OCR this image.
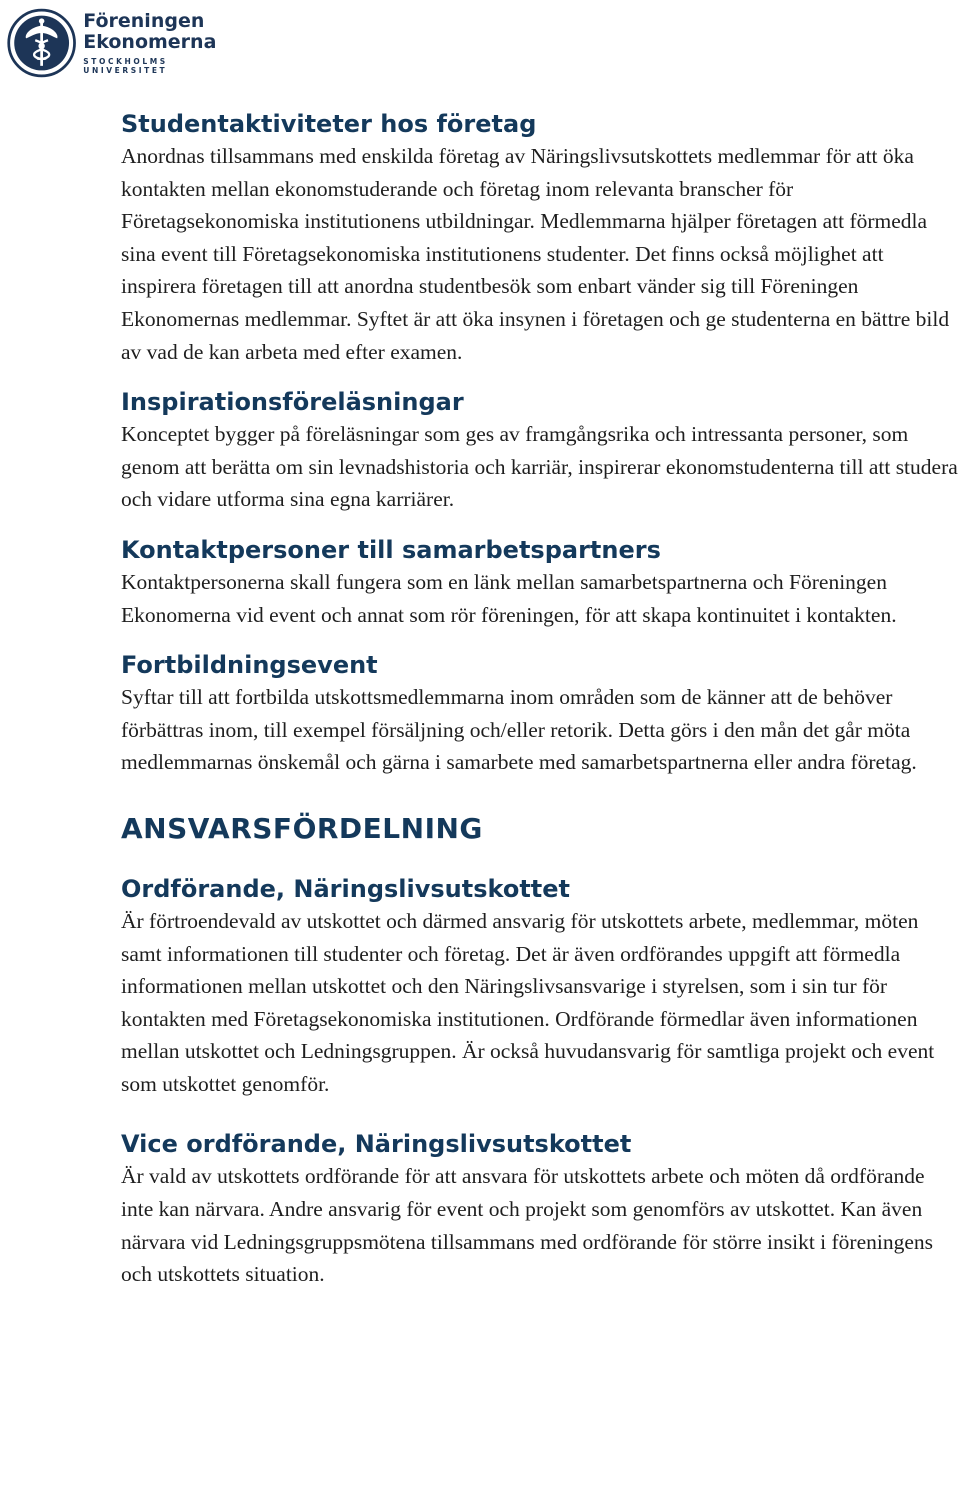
Föreningen
Ekonomerna
STOCKHOLMS UNIVERSITET
Studentaktiviteter hos företag

Anordnas tillsammans med enskilda företag av Näringslivsutskottets medlemmar för att öka kontakten mellan ekonomstuderande och företag inom relevanta branscher för Företagsekonomiska institutionens utbildningar. Medlemmarna hjälper företagen att förmedla sina event till Företagsekonomiska institutionens studenter. Det finns också möjlighet att inspirera företagen till att anordna studentbesök som enbart vänder sig till Föreningen Ekonomernas medlemmar. Syftet är att öka insynen i företagen och ge studenterna en bättre bild av vad de kan arbeta med efter examen.

Inspirationsföreläsningar

Konceptet bygger på föreläsningar som ges av framgångsrika och intressanta personer, som genom att berätta om sin levnadshistoria och karriär, inspirerar ekonomstudenterna till att studera och vidare utforma sina egna karriärer.

Kontaktpersoner till samarbetspartners

Kontaktpersonerna skall fungera som en länk mellan samarbetspartnerna och Föreningen Ekonomerna vid event och annat som rör föreningen, för att skapa kontinuitet i kontakten.

Fortbildningsevent

Syftar till att fortbilda utskottsmedlemmarna inom områden som de känner att de behöver förbättras inom, till exempel försäljning och/eller retorik. Detta görs i den mån det går möta medlemmarnas önskemål och gärna i samarbete med samarbetspartnerna eller andra företag.

ANSVARSFÖRDELNING
Ordförande, Näringslivsutskottet

Är förtroendevald av utskottet och därmed ansvarig för utskottets arbete, medlemmar, möten samt informationen till studenter och företag. Det är även ordförandes uppgift att förmedla informationen mellan utskottet och den Näringslivsansvarige i styrelsen, som i sin tur för kontakten med Företagsekonomiska institutionen. Ordförande förmedlar även informationen mellan utskottet och Ledningsgruppen. Är också huvudansvarig för samtliga projekt och event som utskottet genomför.

Vice ordförande, Näringslivsutskottet

Är vald av utskottets ordförande för att ansvara för utskottets arbete och möten då ordförande inte kan närvara. Andre ansvarig för event och projekt som genomförs av utskottet. Kan även närvara vid Ledningsgruppsmötena tillsammans med ordförande för större insikt i föreningens och utskottets situation.
